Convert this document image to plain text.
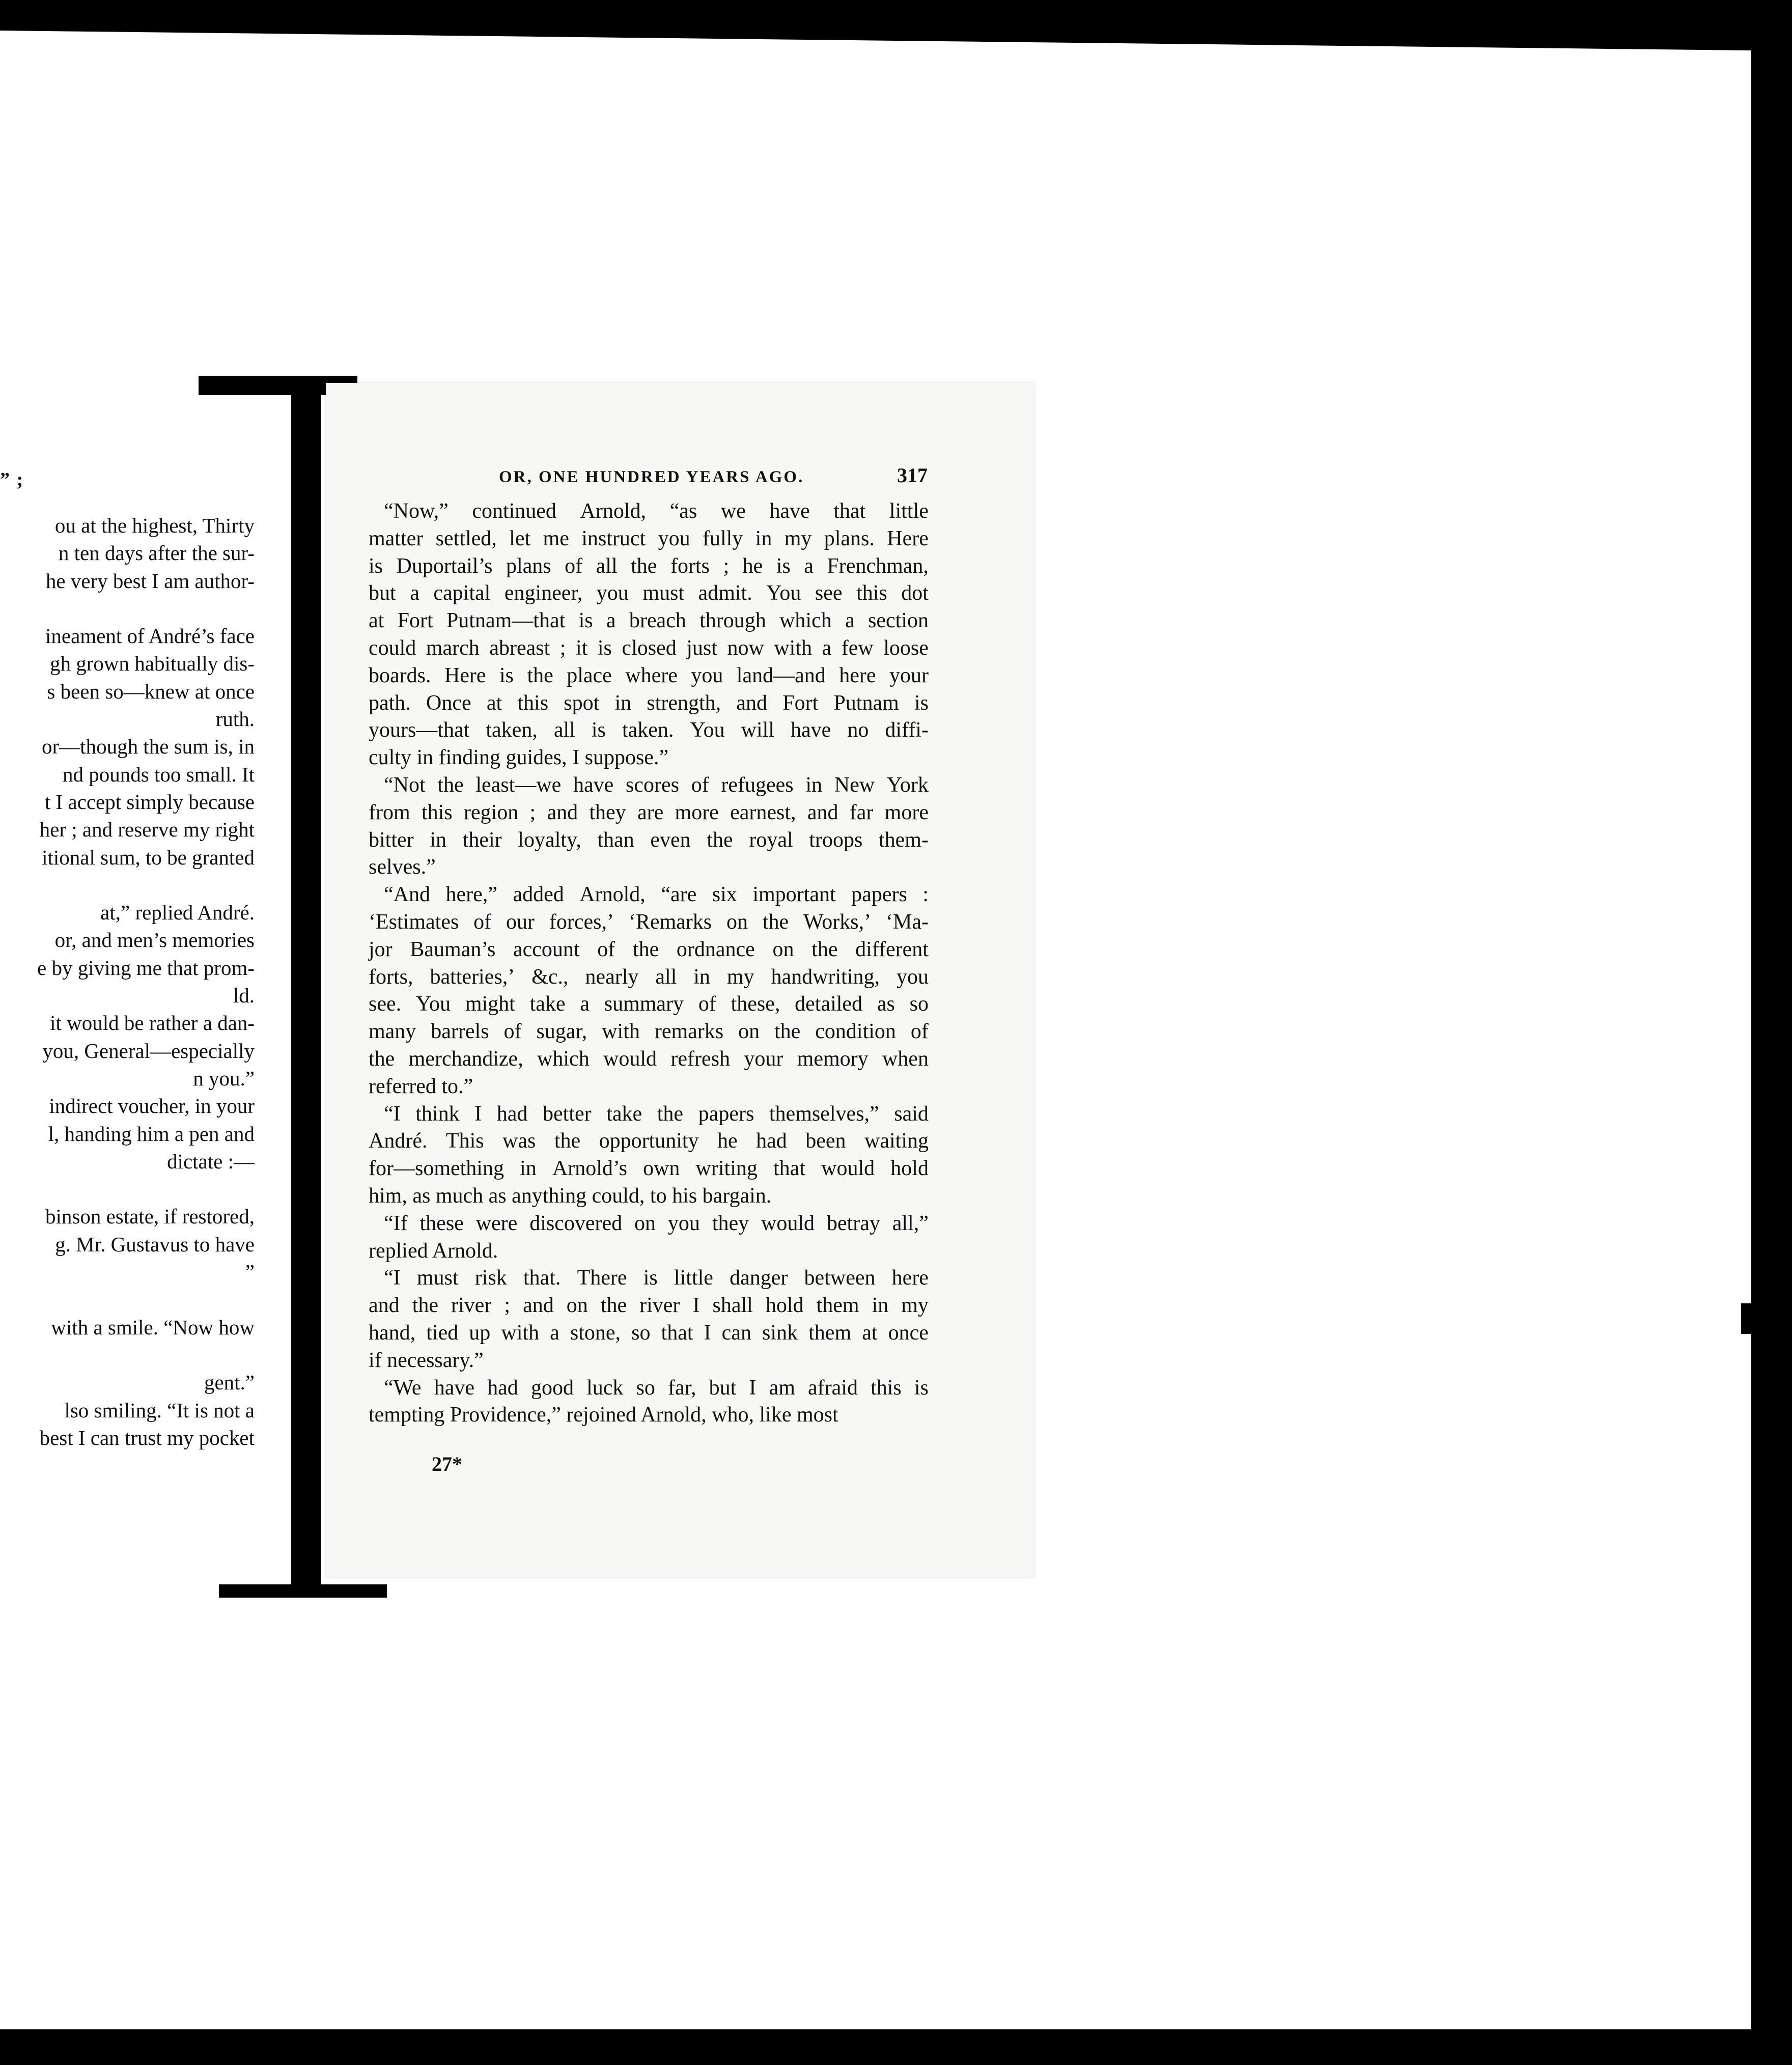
” ;
ou at the highest, Thirty
n ten days after the sur-
he very best I am author-

ineament of André’s face
gh grown habitually dis-
s been so—knew at once
ruth.
or—though the sum is, in
nd pounds too small. It
t I accept simply because
her ; and reserve my right
itional sum, to be granted

at,” replied André.
or, and men’s memories
e by giving me that prom-
ld.
it would be rather a dan-
you, General—especially
n you.”
indirect voucher, in your
l, handing him a pen and
dictate :—

binson estate, if restored,
g. Mr. Gustavus to have
”

with a smile. “Now how

gent.”
lso smiling. “It is not a
best I can trust my pocket
OR, ONE HUNDRED YEARS AGO.	317
“Now,” continued Arnold, “as we have that little
matter settled, let me instruct you fully in my plans. Here
is Duportail’s plans of all the forts ; he is a Frenchman,
but a capital engineer, you must admit. You see this dot
at Fort Putnam—that is a breach through which a section
could march abreast ; it is closed just now with a few loose
boards. Here is the place where you land—and here your
path. Once at this spot in strength, and Fort Putnam is
yours—that taken, all is taken. You will have no diffi-
culty in finding guides, I suppose.”
“Not the least—we have scores of refugees in New York
from this region ; and they are more earnest, and far more
bitter in their loyalty, than even the royal troops them-
selves.”
“And here,” added Arnold, “are six important papers :
‘Estimates of our forces,’ ‘Remarks on the Works,’ ‘Ma-
jor Bauman’s account of the ordnance on the different
forts, batteries,’ &c., nearly all in my handwriting, you
see. You might take a summary of these, detailed as so
many barrels of sugar, with remarks on the condition of
the merchandize, which would refresh your memory when
referred to.”
“I think I had better take the papers themselves,” said
André. This was the opportunity he had been waiting
for—something in Arnold’s own writing that would hold
him, as much as anything could, to his bargain.
“If these were discovered on you they would betray all,”
replied Arnold.
“I must risk that. There is little danger between here
and the river ; and on the river I shall hold them in my
hand, tied up with a stone, so that I can sink them at once
if necessary.”
“We have had good luck so far, but I am afraid this is
tempting Providence,” rejoined Arnold, who, like most
27*
